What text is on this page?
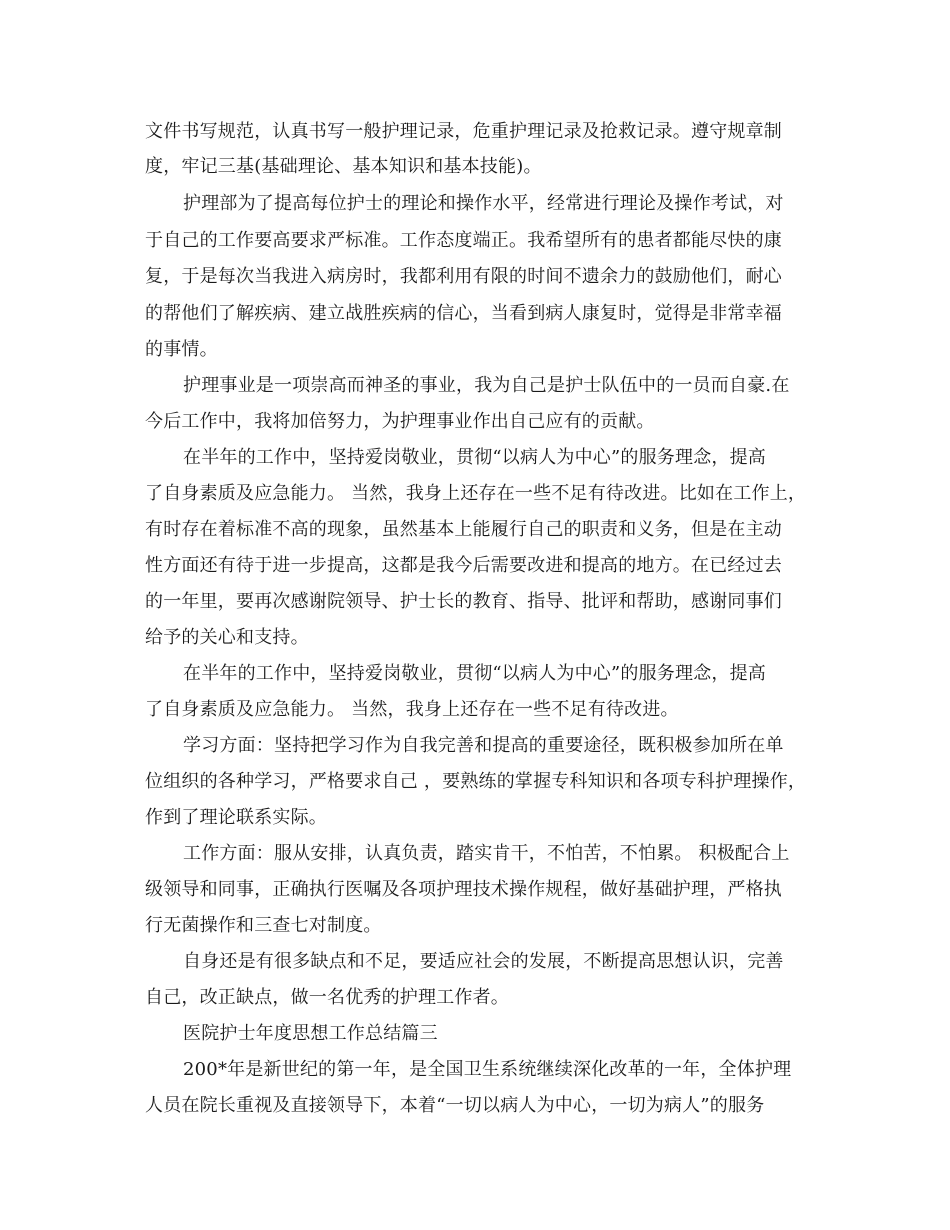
文件书写规范，认真书写一般护理记录，危重护理记录及抢救记录。遵守规章制
度，牢记三基(基础理论、基本知识和基本技能)。
护理部为了提高每位护士的理论和操作水平，经常进行理论及操作考试，对
于自己的工作要高要求严标准。工作态度端正。我希望所有的患者都能尽快的康
复，于是每次当我进入病房时，我都利用有限的时间不遗余力的鼓励他们，耐心
的帮他们了解疾病、建立战胜疾病的信心，当看到病人康复时，觉得是非常幸福
的事情。
护理事业是一项崇高而神圣的事业，我为自己是护士队伍中的一员而自豪.在
今后工作中，我将加倍努力，为护理事业作出自己应有的贡献。
在半年的工作中，坚持爱岗敬业，贯彻“以病人为中心”的服务理念，提高
了自身素质及应急能力。 当然，我身上还存在一些不足有待改进。比如在工作上，
有时存在着标准不高的现象，虽然基本上能履行自己的职责和义务，但是在主动
性方面还有待于进一步提高，这都是我今后需要改进和提高的地方。在已经过去
的一年里，要再次感谢院领导、护士长的教育、指导、批评和帮助，感谢同事们
给予的关心和支持。
在半年的工作中，坚持爱岗敬业，贯彻“以病人为中心”的服务理念，提高
了自身素质及应急能力。 当然，我身上还存在一些不足有待改进。
学习方面：坚持把学习作为自我完善和提高的重要途径，既积极参加所在单
位组织的各种学习，严格要求自己 ，要熟练的掌握专科知识和各项专科护理操作，
作到了理论联系实际。
工作方面：服从安排，认真负责，踏实肯干，不怕苦，不怕累。 积极配合上
级领导和同事，正确执行医嘱及各项护理技术操作规程，做好基础护理，严格执
行无菌操作和三查七对制度。
自身还是有很多缺点和不足，要适应社会的发展，不断提高思想认识，完善
自己，改正缺点，做一名优秀的护理工作者。
医院护士年度思想工作总结篇三
200*年是新世纪的第一年，是全国卫生系统继续深化改革的一年，全体护理
人员在院长重视及直接领导下，本着“一切以病人为中心，一切为病人”的服务
